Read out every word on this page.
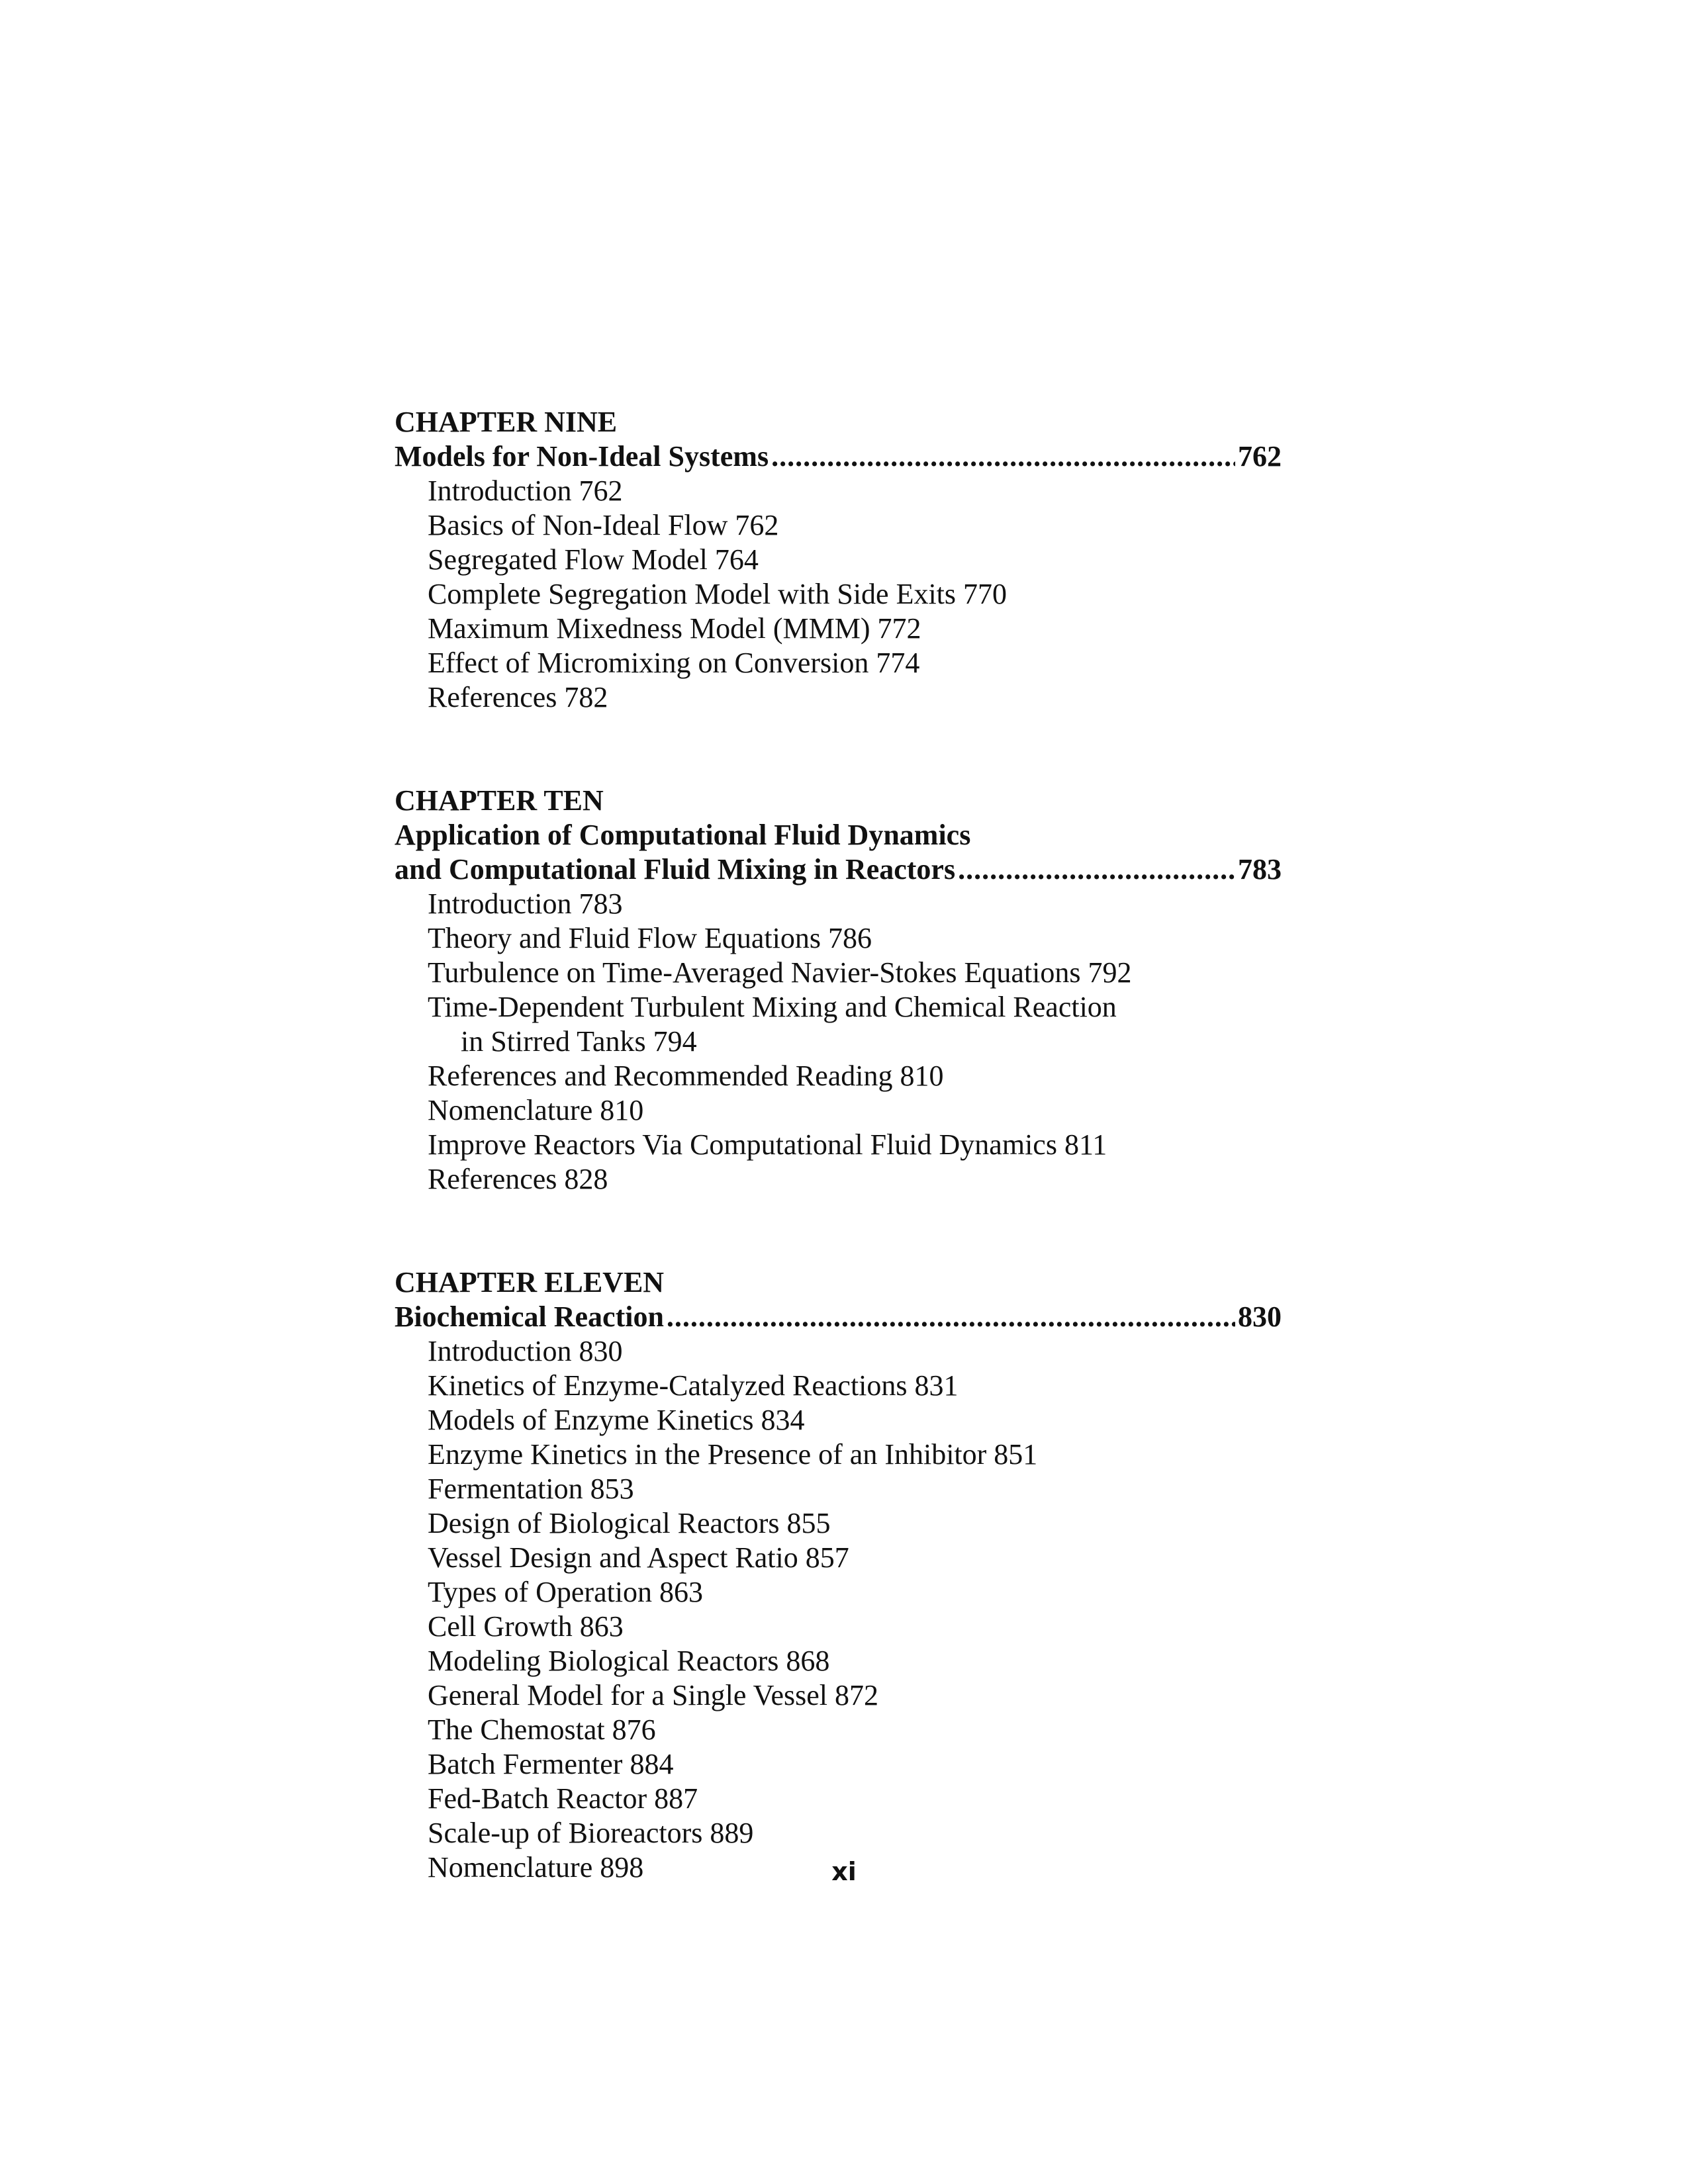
CHAPTER NINE
Models for Non-Ideal Systems .....	762
Introduction 762
Basics of Non-Ideal Flow 762
Segregated Flow Model 764
Complete Segregation Model with Side Exits 770
Maximum Mixedness Model (MMM) 772
Effect of Micromixing on Conversion 774
References 782
CHAPTER TEN
Application of Computational Fluid Dynamics
and Computational Fluid Mixing in Reactors .....	783
Introduction 783
Theory and Fluid Flow Equations 786
Turbulence on Time-Averaged Navier-Stokes Equations 792
Time-Dependent Turbulent Mixing and Chemical Reaction
in Stirred Tanks 794
References and Recommended Reading 810
Nomenclature 810
Improve Reactors Via Computational Fluid Dynamics 811
References 828
CHAPTER ELEVEN
Biochemical Reaction .....	830
Introduction 830
Kinetics of Enzyme-Catalyzed Reactions 831
Models of Enzyme Kinetics 834
Enzyme Kinetics in the Presence of an Inhibitor 851
Fermentation 853
Design of Biological Reactors 855
Vessel Design and Aspect Ratio 857
Types of Operation 863
Cell Growth 863
Modeling Biological Reactors 868
General Model for a Single Vessel 872
The Chemostat 876
Batch Fermenter 884
Fed-Batch Reactor 887
Scale-up of Bioreactors 889
Nomenclature 898	xi
